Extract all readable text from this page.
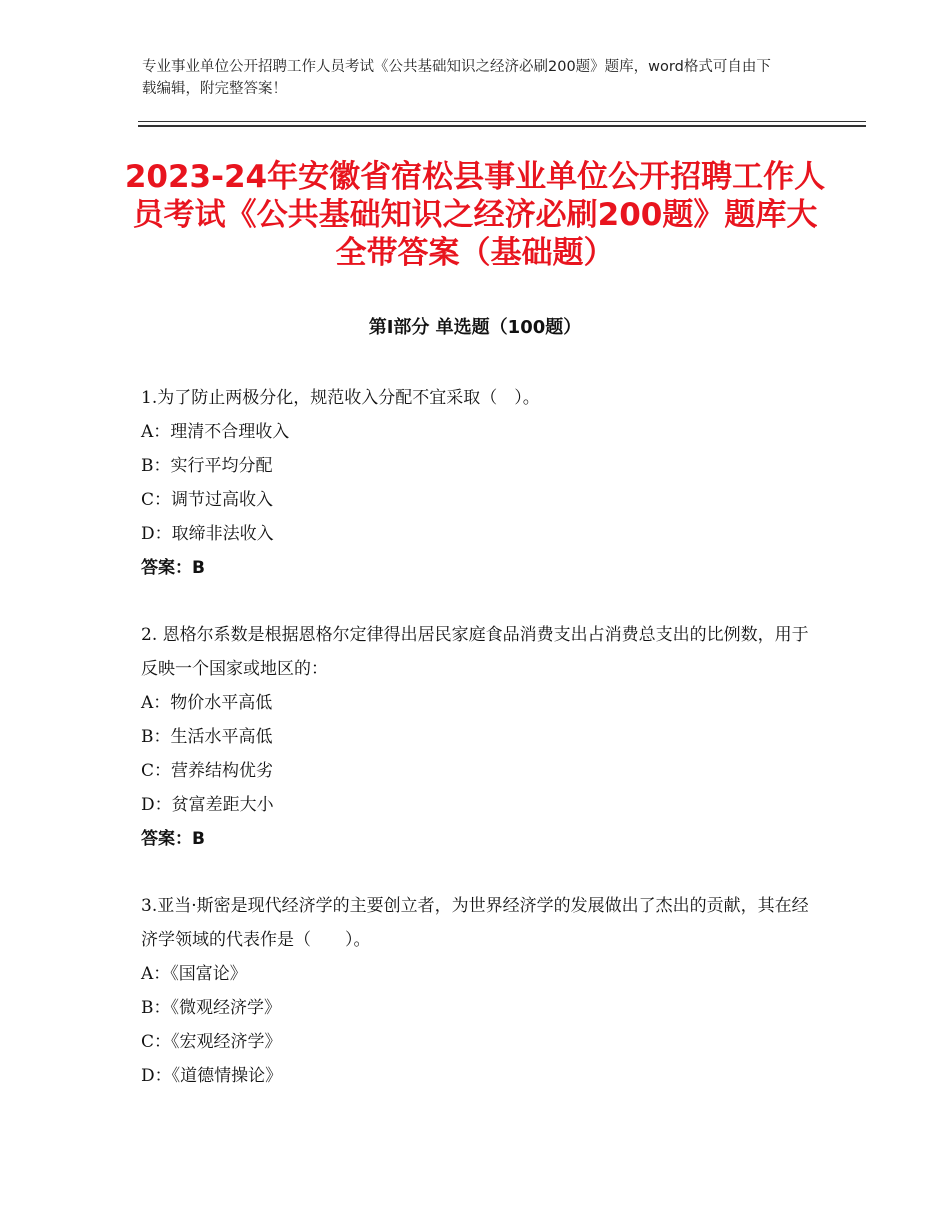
专业事业单位公开招聘工作人员考试《公共基础知识之经济必刷200题》题库，word格式可自由下载编辑，附完整答案！
2023-24年安徽省宿松县事业单位公开招聘工作人员考试《公共基础知识之经济必刷200题》题库大全带答案（基础题）
第Ⅰ部分 单选题（100题）
1.为了防止两极分化，规范收入分配不宜采取（　）。
A：理清不合理收入
B：实行平均分配
C：调节过高收入
D：取缔非法收入
答案：B
2. 恩格尔系数是根据恩格尔定律得出居民家庭食品消费支出占消费总支出的比例数，用于反映一个国家或地区的：
A：物价水平高低
B：生活水平高低
C：营养结构优劣
D：贫富差距大小
答案：B
3.亚当·斯密是现代经济学的主要创立者，为世界经济学的发展做出了杰出的贡献，其在经济学领域的代表作是（　　）。
A：《国富论》
B：《微观经济学》
C：《宏观经济学》
D：《道德情操论》
